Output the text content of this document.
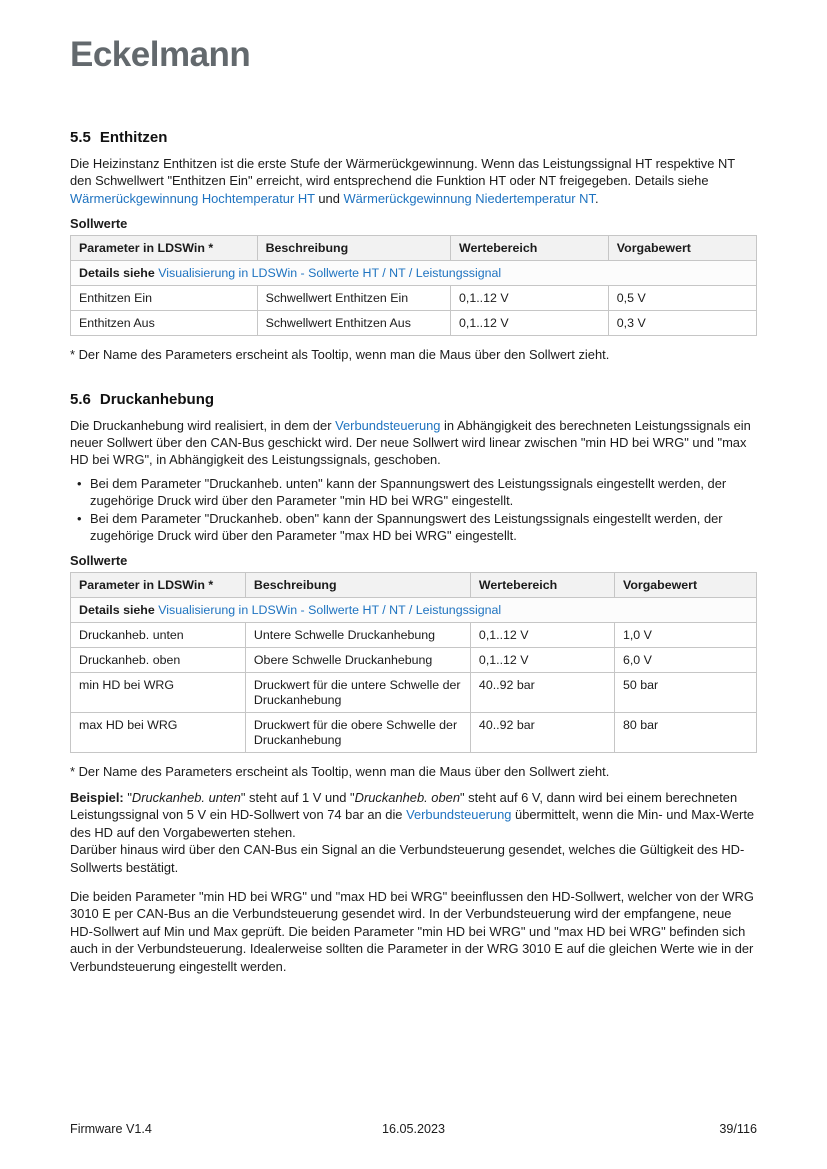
Eckelmann
5.5 Enthitzen

Die Heizinstanz Enthitzen ist die erste Stufe der Wärmerückgewinnung. Wenn das Leistungssignal HT respektive NT den Schwellwert "Enthitzen Ein" erreicht, wird entsprechend die Funktion HT oder NT freigegeben. Details siehe Wärmerückgewinnung Hochtemperatur HT und Wärmerückgewinnung Niedertemperatur NT.

Sollwerte

Parameter in LDSWin *	Beschreibung	Wertebereich	Vorgabewert
Details siehe Visualisierung in LDSWin - Sollwerte HT / NT / Leistungssignal			
Enthitzen Ein	Schwellwert Enthitzen Ein	0,1..12 V	0,5 V
Enthitzen Aus	Schwellwert Enthitzen Aus	0,1..12 V	0,3 V

* Der Name des Parameters erscheint als Tooltip, wenn man die Maus über den Sollwert zieht.

5.6 Druckanhebung

Die Druckanhebung wird realisiert, in dem der Verbundsteuerung in Abhängigkeit des berechneten Leistungssignals ein neuer Sollwert über den CAN-Bus geschickt wird. Der neue Sollwert wird linear zwischen "min HD bei WRG" und "max HD bei WRG", in Abhängigkeit des Leistungssignals, geschoben.

• Bei dem Parameter "Druckanheb. unten" kann der Spannungswert des Leistungssignals eingestellt werden, der zugehörige Druck wird über den Parameter "min HD bei WRG" eingestellt.
• Bei dem Parameter "Druckanheb. oben" kann der Spannungswert des Leistungssignals eingestellt werden, der zugehörige Druck wird über den Parameter "max HD bei WRG" eingestellt.

Sollwerte

Parameter in LDSWin *	Beschreibung	Wertebereich	Vorgabewert
Details siehe Visualisierung in LDSWin - Sollwerte HT / NT / Leistungssignal			
Druckanheb. unten	Untere Schwelle Druckanhebung	0,1..12 V	1,0 V
Druckanheb. oben	Obere Schwelle Druckanhebung	0,1..12 V	6,0 V
min HD bei WRG	Druckwert für die untere Schwelle der Druckanhebung	40..92 bar	50 bar
max HD bei WRG	Druckwert für die obere Schwelle der Druckanhebung	40..92 bar	80 bar

* Der Name des Parameters erscheint als Tooltip, wenn man die Maus über den Sollwert zieht.

Beispiel: "Druckanheb. unten" steht auf 1 V und "Druckanheb. oben" steht auf 6 V, dann wird bei einem berechneten Leistungssignal von 5 V ein HD-Sollwert von 74 bar an die Verbundsteuerung übermittelt, wenn die Min- und Max-Werte des HD auf den Vorgabewerten stehen.
Darüber hinaus wird über den CAN-Bus ein Signal an die Verbundsteuerung gesendet, welches die Gültigkeit des HD-Sollwerts bestätigt.

Die beiden Parameter "min HD bei WRG" und "max HD bei WRG" beeinflussen den HD-Sollwert, welcher von der WRG 3010 E per CAN-Bus an die Verbundsteuerung gesendet wird. In der Verbundsteuerung wird der empfangene, neue HD-Sollwert auf Min und Max geprüft. Die beiden Parameter "min HD bei WRG" und "max HD bei WRG" befinden sich auch in der Verbundsteuerung. Idealerweise sollten die Parameter in der WRG 3010 E auf die gleichen Werte wie in der Verbundsteuerung eingestellt werden.

Firmware V1.4	16.05.2023	39/116
